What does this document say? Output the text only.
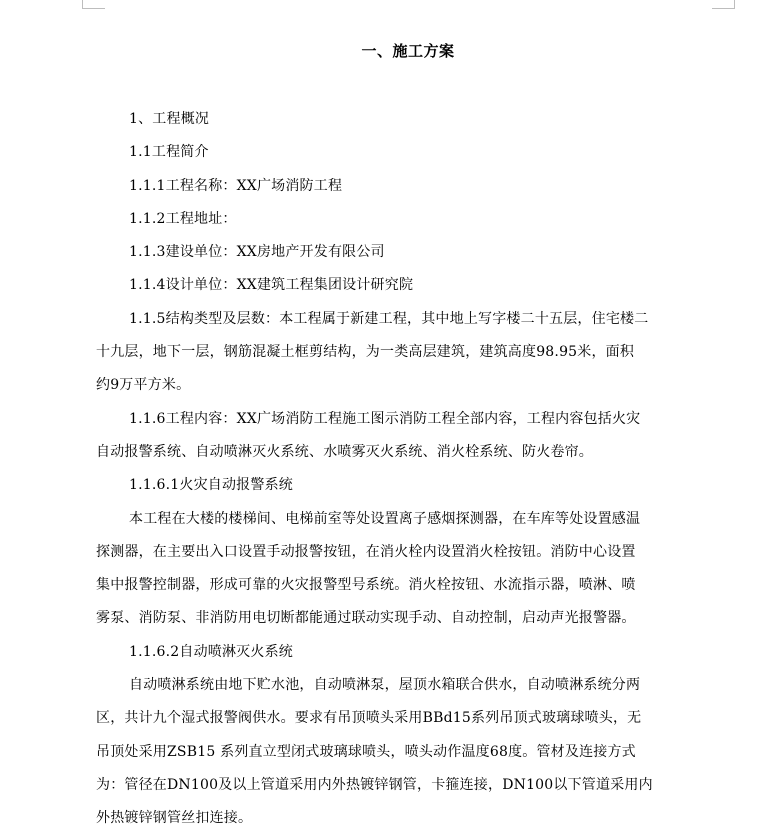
一、施工方案
1、工程概况
1.1工程简介
1.1.1工程名称：XX广场消防工程
1.1.2工程地址：
1.1.3建设单位：XX房地产开发有限公司
1.1.4设计单位：XX建筑工程集团设计研究院
1.1.5结构类型及层数：本工程属于新建工程，其中地上写字楼二十五层，住宅楼二
十九层，地下一层，钢筋混凝土框剪结构，为一类高层建筑，建筑高度98.95米，面积
约9万平方米。
1.1.6工程内容：XX广场消防工程施工图示消防工程全部内容，工程内容包括火灾
自动报警系统、自动喷淋灭火系统、水喷雾灭火系统、消火栓系统、防火卷帘。
1.1.6.1火灾自动报警系统
本工程在大楼的楼梯间、电梯前室等处设置离子感烟探测器，在车库等处设置感温
探测器，在主要出入口设置手动报警按钮，在消火栓内设置消火栓按钮。消防中心设置
集中报警控制器，形成可靠的火灾报警型号系统。消火栓按钮、水流指示器，喷淋、喷
雾泵、消防泵、非消防用电切断都能通过联动实现手动、自动控制，启动声光报警器。
1.1.6.2自动喷淋灭火系统
自动喷淋系统由地下贮水池，自动喷淋泵，屋顶水箱联合供水，自动喷淋系统分两
区，共计九个湿式报警阀供水。要求有吊顶喷头采用BBd15系列吊顶式玻璃球喷头，无
吊顶处采用ZSB15 系列直立型闭式玻璃球喷头，喷头动作温度68度。管材及连接方式
为：管径在DN100及以上管道采用内外热镀锌钢管，卡箍连接，DN100以下管道采用内
外热镀锌钢管丝扣连接。
